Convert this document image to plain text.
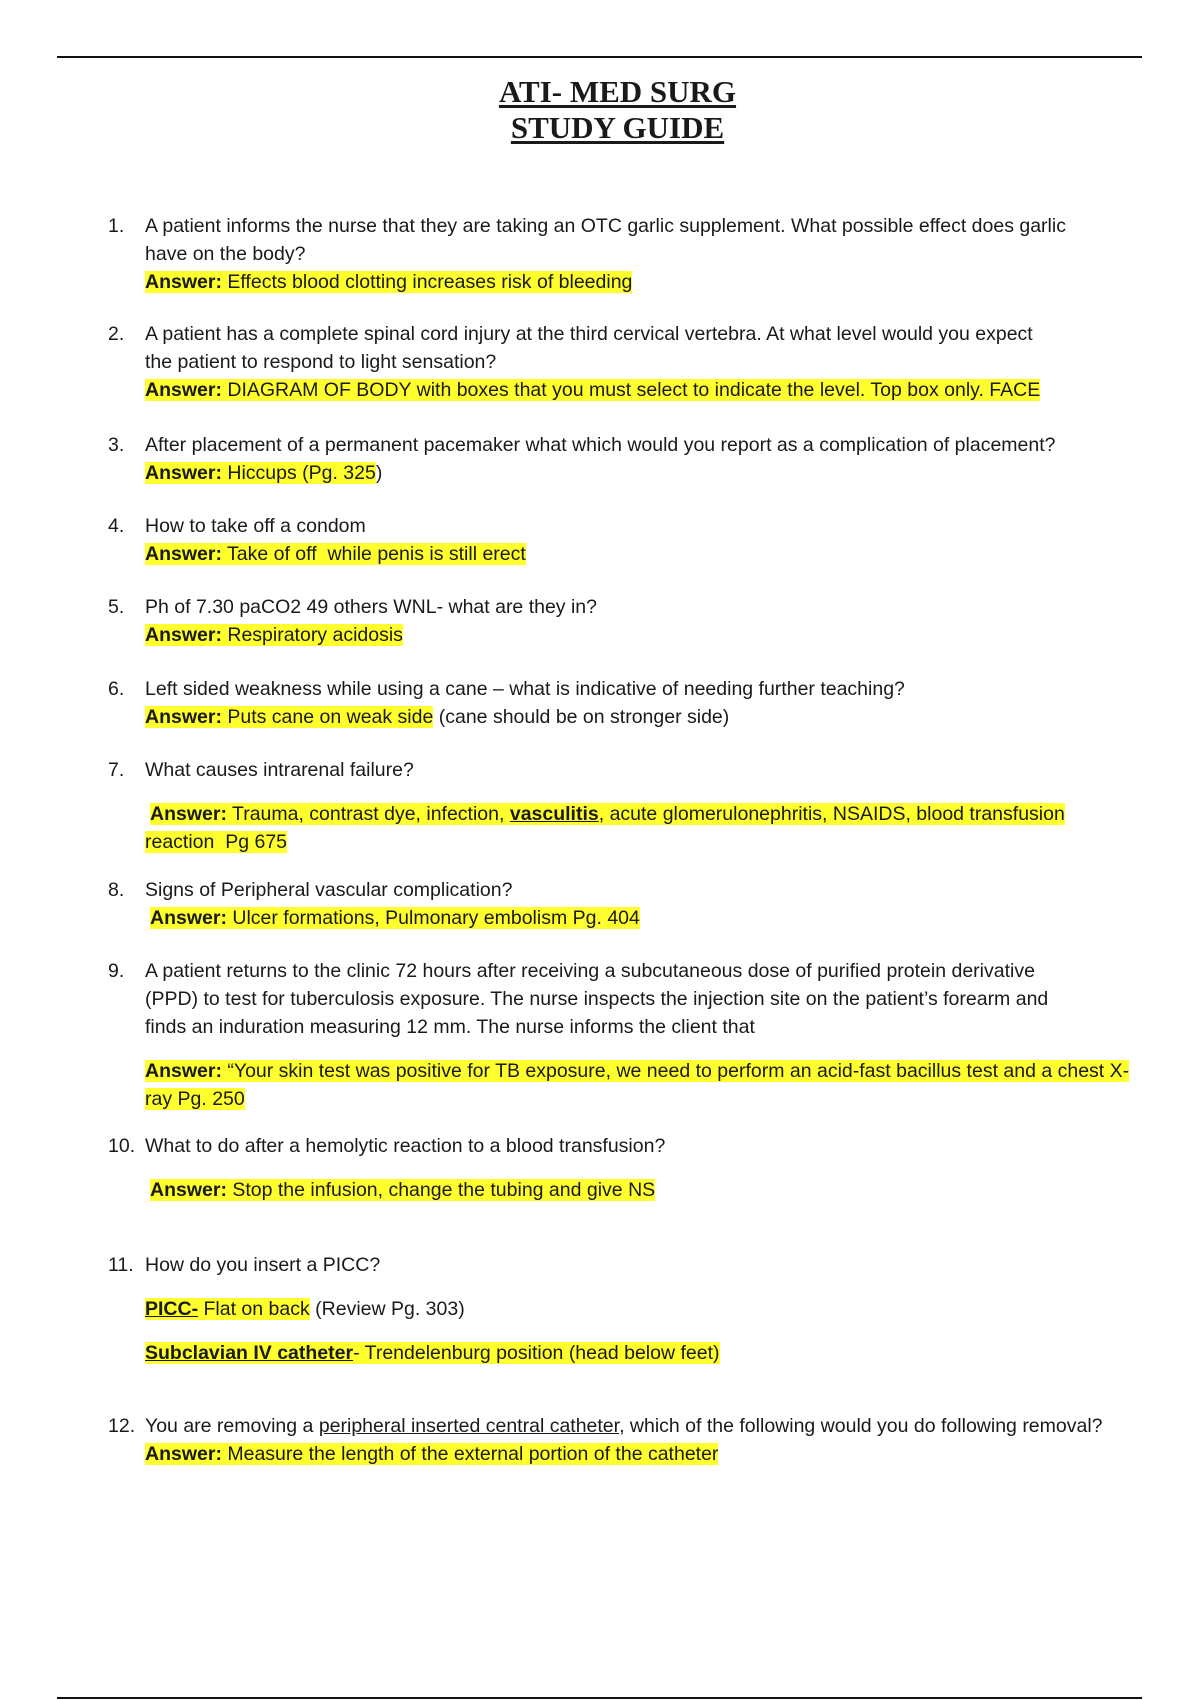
ATI- MED SURG
STUDY GUIDE
1.	A patient informs the nurse that they are taking an OTC garlic supplement. What possible effect does garlic
have on the body?
Answer: Effects blood clotting increases risk of bleeding
2.	A patient has a complete spinal cord injury at the third cervical vertebra. At what level would you expect
the patient to respond to light sensation?
Answer: DIAGRAM OF BODY with boxes that you must select to indicate the level. Top box only. FACE
3.	After placement of a permanent pacemaker what which would you report as a complication of placement?
Answer: Hiccups (Pg. 325)
4.	How to take off a condom
Answer: Take of off  while penis is still erect
5.	Ph of 7.30 paCO2 49 others WNL- what are they in?
Answer: Respiratory acidosis
6.	Left sided weakness while using a cane – what is indicative of needing further teaching?
Answer: Puts cane on weak side (cane should be on stronger side)
7.	What causes intrarenal failure?
Answer: Trauma, contrast dye, infection, vasculitis, acute glomerulonephritis, NSAIDS, blood transfusion
reaction  Pg 675
8.	Signs of Peripheral vascular complication?
Answer: Ulcer formations, Pulmonary embolism Pg. 404
9.	A patient returns to the clinic 72 hours after receiving a subcutaneous dose of purified protein derivative
(PPD) to test for tuberculosis exposure. The nurse inspects the injection site on the patient’s forearm and
finds an induration measuring 12 mm. The nurse informs the client that
Answer: “Your skin test was positive for TB exposure, we need to perform an acid-fast bacillus test and a chest X-
ray Pg. 250
10. What to do after a hemolytic reaction to a blood transfusion?
Answer: Stop the infusion, change the tubing and give NS
11. How do you insert a PICC?
PICC- Flat on back (Review Pg. 303)
Subclavian IV catheter- Trendelenburg position (head below feet)
12. You are removing a peripheral inserted central catheter, which of the following would you do following removal?
Answer: Measure the length of the external portion of the catheter
